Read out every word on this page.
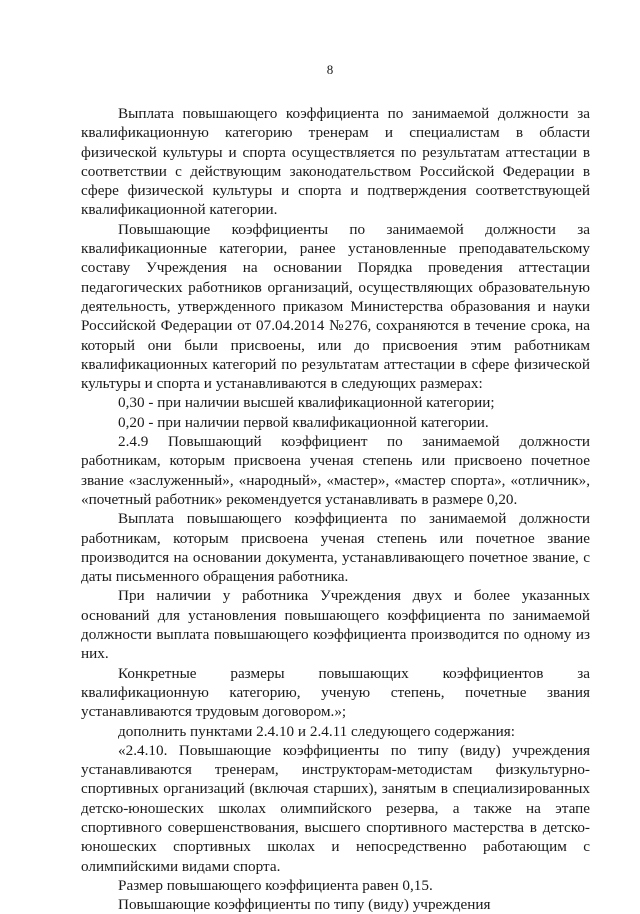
8

Выплата повышающего коэффициента по занимаемой должности за квалификационную категорию тренерам и специалистам в области физической культуры и спорта осуществляется по результатам аттестации в соответствии с действующим законодательством Российской Федерации в сфере физической культуры и спорта и подтверждения соответствующей квалификационной категории.

Повышающие коэффициенты по занимаемой должности за квалификационные категории, ранее установленные преподавательскому составу Учреждения на основании Порядка проведения аттестации педагогических работников организаций, осуществляющих образовательную деятельность, утвержденного приказом Министерства образования и науки Российской Федерации от 07.04.2014 №276, сохраняются в течение срока, на который они были присвоены, или до присвоения этим работникам квалификационных категорий по результатам аттестации в сфере физической культуры и спорта и устанавливаются в следующих размерах:

0,30 - при наличии высшей квалификационной категории;

0,20 - при наличии первой квалификационной категории.

2.4.9 Повышающий коэффициент по занимаемой должности работникам, которым присвоена ученая степень или присвоено почетное звание «заслуженный», «народный», «мастер», «мастер спорта», «отличник», «почетный работник» рекомендуется устанавливать в размере 0,20.

Выплата повышающего коэффициента по занимаемой должности работникам, которым присвоена ученая степень или почетное звание производится на основании документа, устанавливающего почетное звание, с даты письменного обращения работника.

При наличии у работника Учреждения двух и более указанных оснований для установления повышающего коэффициента по занимаемой должности выплата повышающего коэффициента производится по одному из них.

Конкретные размеры повышающих коэффициентов за квалификационную категорию, ученую степень, почетные звания устанавливаются трудовым договором.»;

дополнить пунктами 2.4.10 и 2.4.11 следующего содержания:

«2.4.10. Повышающие коэффициенты по типу (виду) учреждения устанавливаются тренерам, инструкторам-методистам физкультурно-спортивных организаций (включая старших), занятым в специализированных детско-юношеских школах олимпийского резерва, а также на этапе спортивного совершенствования, высшего спортивного мастерства в детско-юношеских спортивных школах и непосредственно работающим с олимпийскими видами спорта.

Размер повышающего коэффициента равен 0,15.

Повышающие коэффициенты по типу (виду) учреждения
